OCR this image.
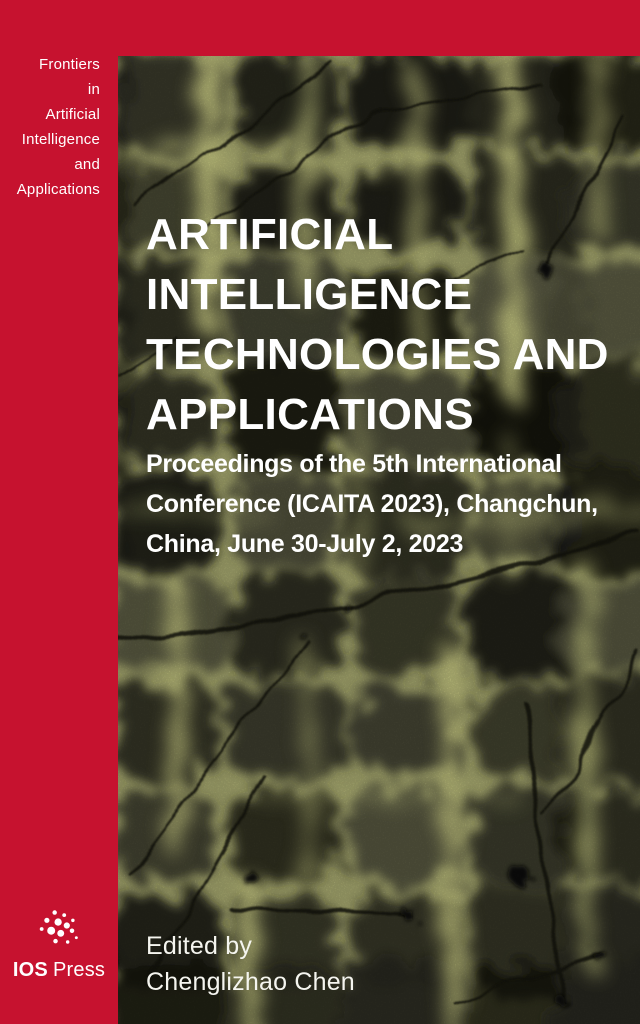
Frontiers
in
Artificial
Intelligence
and
Applications
ARTIFICIAL
INTELLIGENCE
TECHNOLOGIES AND
APPLICATIONS
Proceedings of the 5th International
Conference (ICAITA 2023), Changchun,
China, June 30-July 2, 2023
Edited by
Chenglizhao Chen
IOS Press
